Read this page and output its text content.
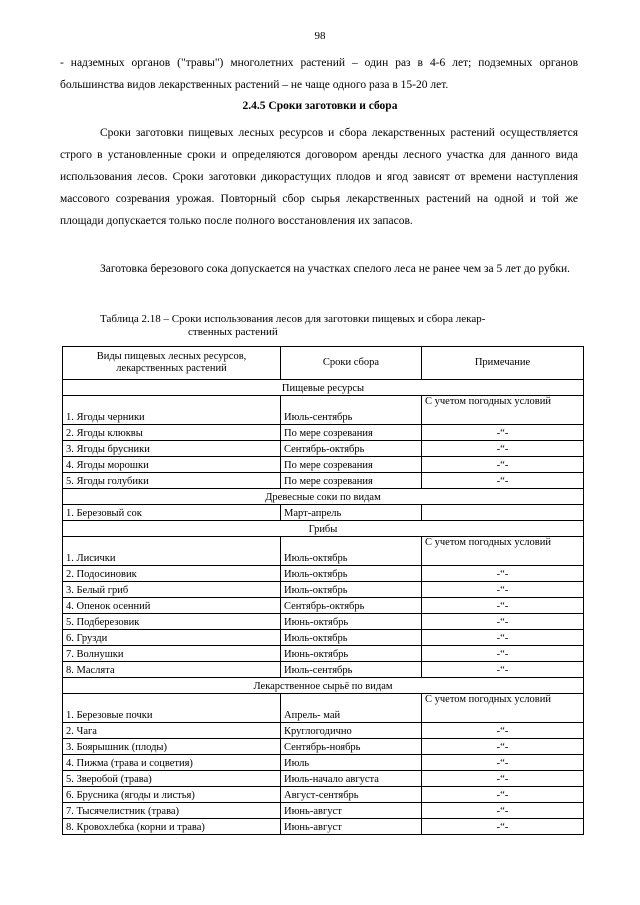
98
- надземных органов ("травы") многолетних растений – один раз в 4-6 лет; подземных органов большинства видов лекарственных растений – не чаще одного раза в 15-20 лет.
2.4.5 Сроки заготовки и сбора
Сроки заготовки пищевых лесных ресурсов и сбора лекарственных растений осуществляется строго в установленные сроки и определяются договором аренды лесного участка для данного вида использования лесов. Сроки заготовки дикорастущих плодов и ягод зависят от времени наступления массового созревания урожая. Повторный сбор сырья лекарственных растений на одной и той же площади допускается только после полного восстановления их запасов.
Заготовка березового сока допускается на участках спелого леса не ранее чем за 5 лет до рубки.
Таблица 2.18 – Сроки использования лесов для заготовки пищевых и сбора лекар-
ственных растений
Виды пищевых лесных ресурсов, лекарственных растений	Сроки сбора	Примечание
Пищевые ресурсы		
1. Ягоды черники	Июль-сентябрь	С учетом погодных условий
2. Ягоды клюквы	По мере созревания	-“-
3. Ягоды брусники	Сентябрь-октябрь	-“-
4. Ягоды морошки	По мере созревания	-“-
5. Ягоды голубики	По мере созревания	-“-
Древесные соки по видам		
1. Березовый сок	Март-апрель	
Грибы		
1. Лисички	Июль-октябрь	С учетом погодных условий
2. Подосиновик	Июль-октябрь	-“-
3. Белый гриб	Июль-октябрь	-“-
4. Опенок осенний	Сентябрь-октябрь	-“-
5. Подберезовик	Июнь-октябрь	-“-
6. Грузди	Июль-октябрь	-“-
7. Волнушки	Июнь-октябрь	-“-
8. Маслята	Июль-сентябрь	-“-
Лекарственное сырьё по видам		
1. Березовые почки	Апрель- май	С учетом погодных условий
2. Чага	Круглогодично	-“-
3. Боярышник (плоды)	Сентябрь-ноябрь	-“-
4. Пижма (трава и соцветия)	Июль	-“-
5. Зверобой (трава)	Июль-начало августа	-“-
6. Брусника (ягоды и листья)	Август-сентябрь	-“-
7. Тысячелистник (трава)	Июнь-август	-“-
8. Кровохлебка (корни и трава)	Июнь-август	-“-
